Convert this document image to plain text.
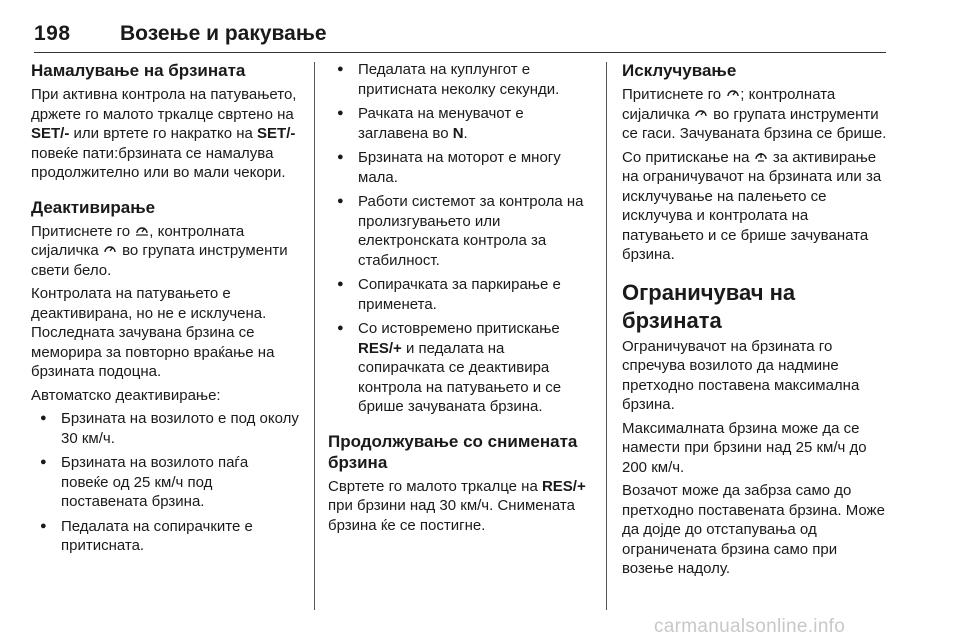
198 Возење и ракување
Намалување на брзината

При активна контрола на патувањето, држете го малото тркалце свртено на SET/- или вртете го накратко на SET/- повеќе пати:брзината се намалува продолжително или во мали чекори.

Деактивирање

Притиснете го , контролната сијаличка  во групата инструменти свети бело.

Контролата на патувањето е деактивирана, но не е исклучена. Последната зачувана брзина се меморира за повторно враќање на брзината подоцна.

Автоматско деактивирање:

● Брзината на возилото е под околу 30 км/ч.
● Брзината на возилото паѓа повеќе од 25 км/ч под поставената брзина.
● Педалата на сопирачките е притисната.
● Педалата на куплунгот е притисната неколку секунди.
● Рачката на менувачот е заглавена во N.
● Брзината на моторот е многу мала.
● Работи системот за контрола на пролизгувањето или електронската контрола за стабилност.
● Сопирачката за паркирање е применета.
● Со истовремено притискање RES/+ и педалата на сопирачката се деактивира контрола на патувањето и се брише зачуваната брзина.
Продолжување со снимената брзина

Свртете го малото тркалце на RES/+ при брзини над 30 км/ч. Снимената брзина ќе се постигне.

Исклучување

Притиснете го ; контролната сијаличка  во групата инструменти се гаси. Зачуваната брзина се брише.

Со притискање на  за активирање на ограничувачот на брзината или за исклучување на палењето се исклучува и контролата на патувањето и се брише зачуваната брзина.

Ограничувач на брзината

Ограничувачот на брзината го спречува возилото да надмине претходно поставена максимална брзина.

Максималната брзина може да се намести при брзини над 25 км/ч до 200 км/ч.

Возачот може да забрза само до претходно поставената брзина. Може да дојде до отстапувања од ограничената брзина само при возење надолу.

carmanualsonline.info
